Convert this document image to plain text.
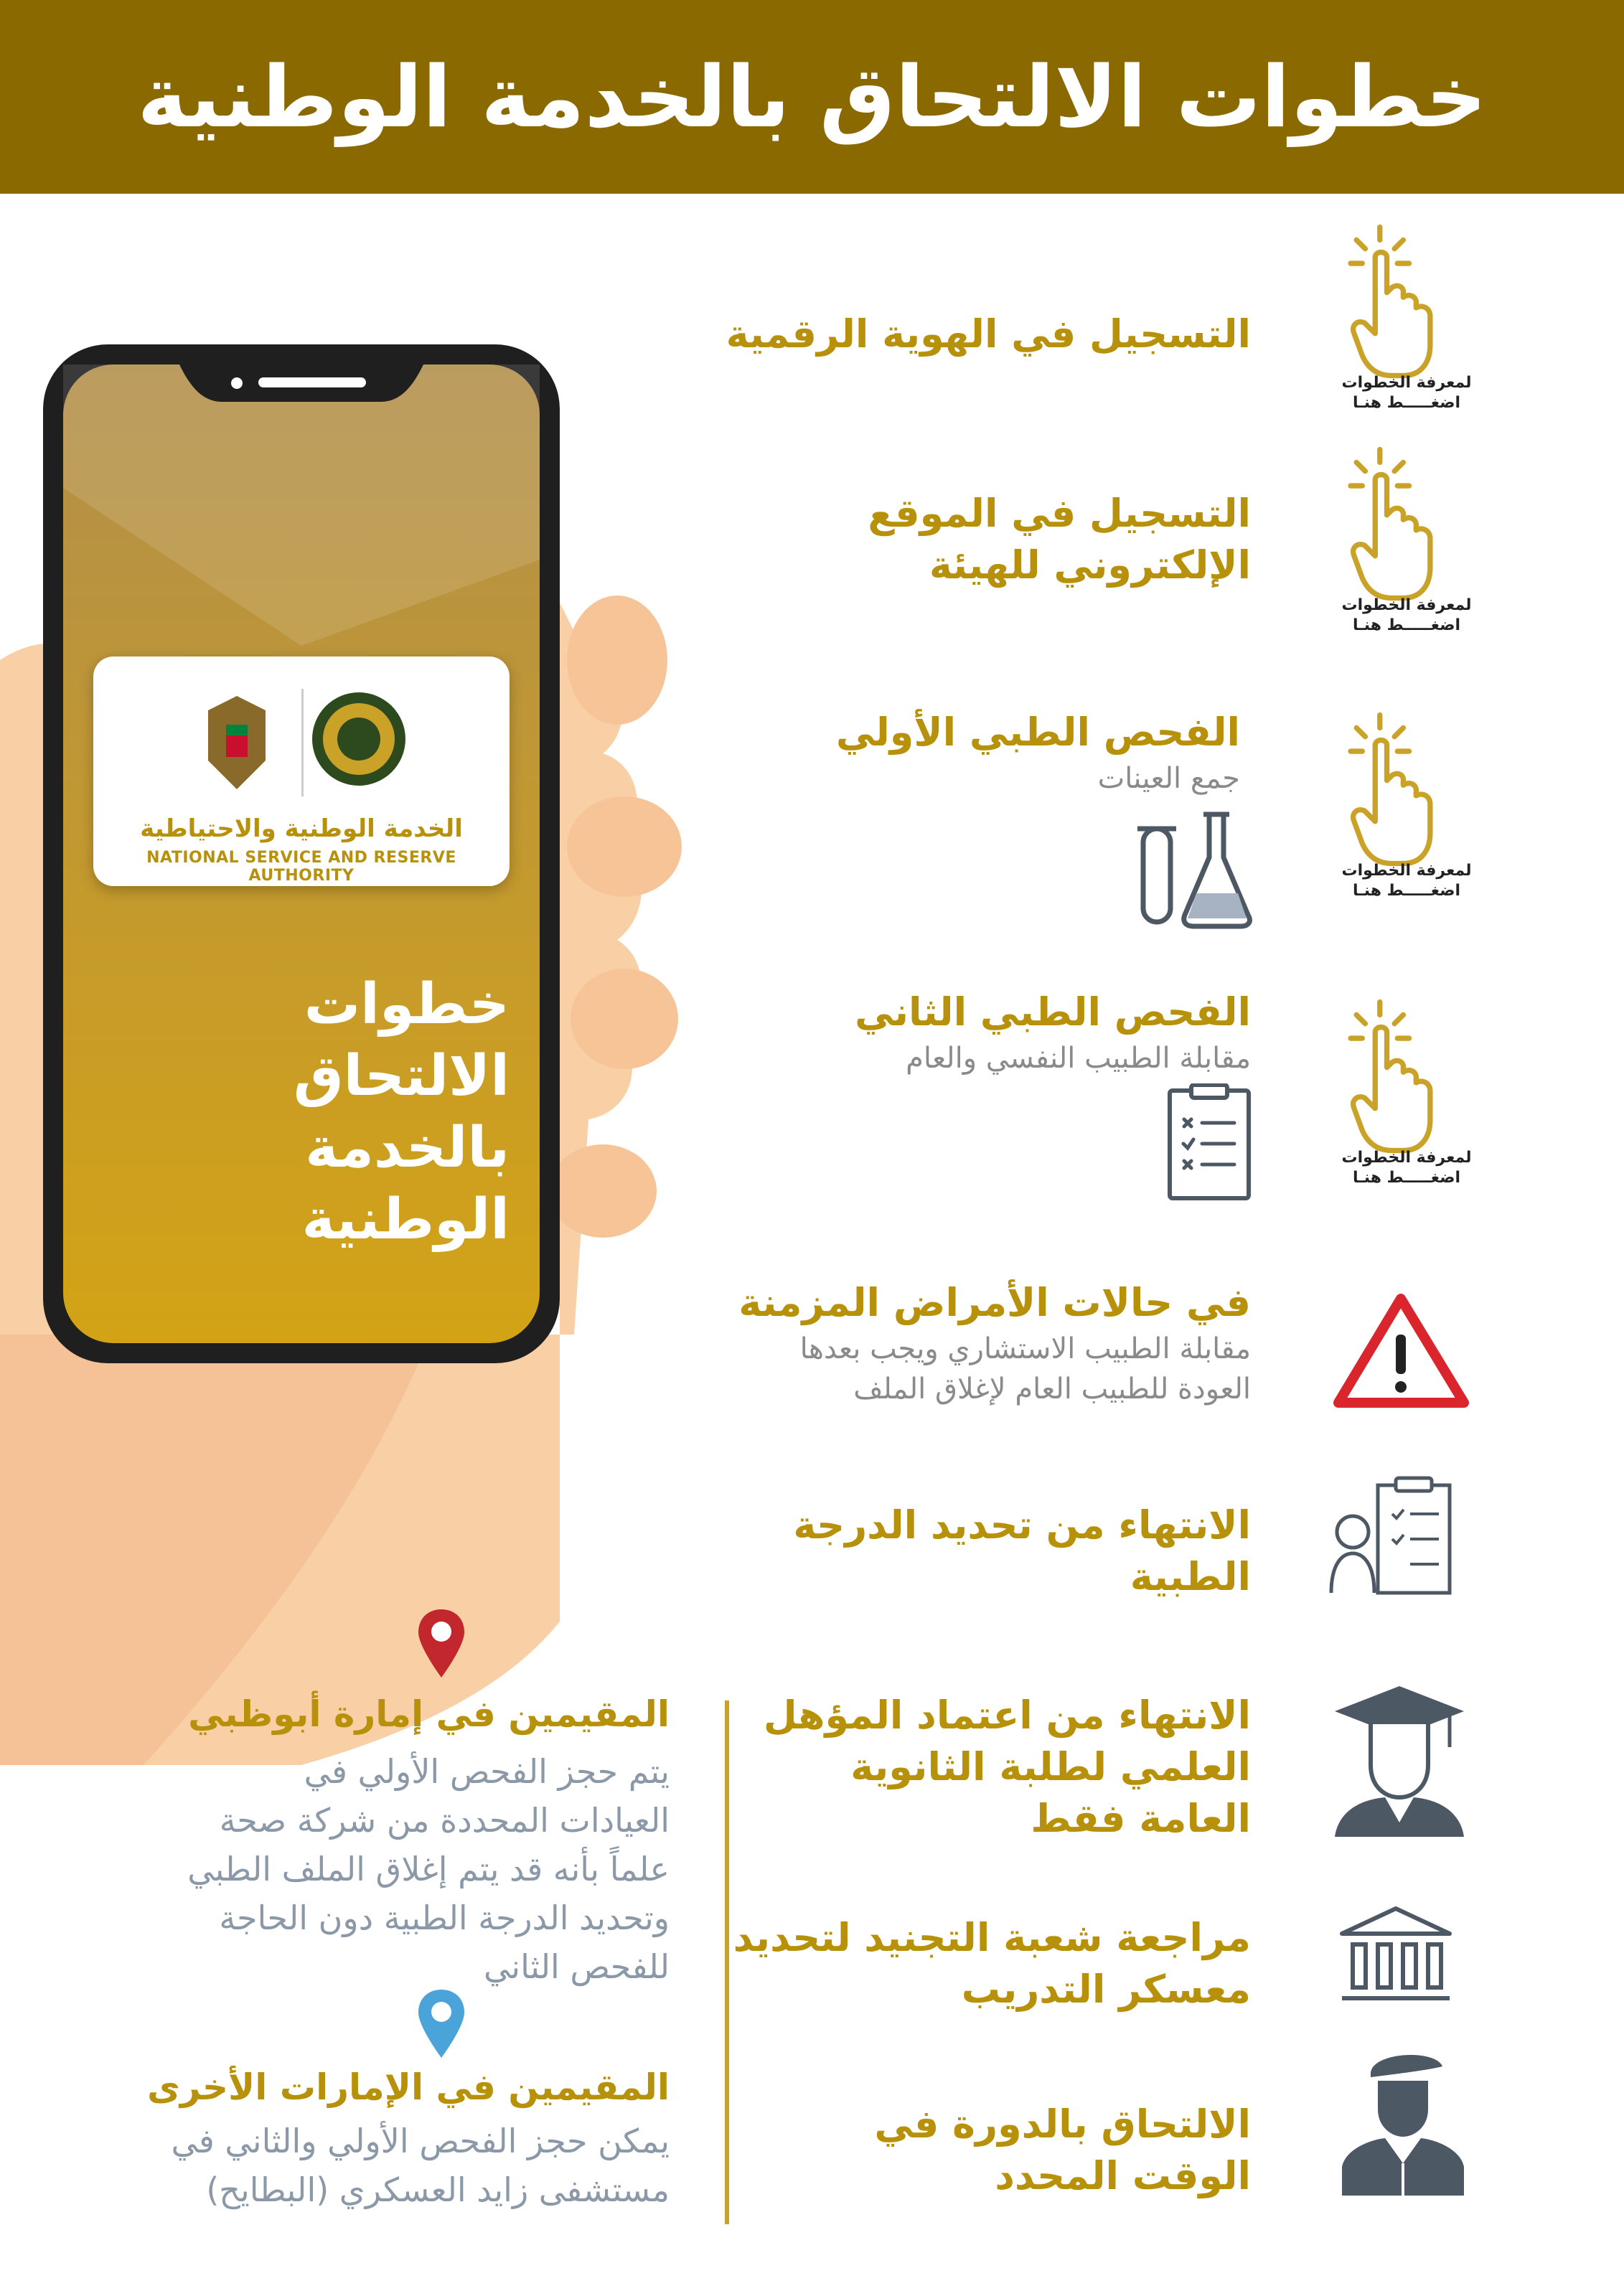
خطوات الالتحاق بالخدمة الوطنية
الخدمة الوطنية والاحتياطية
NATIONAL SERVICE AND RESERVE AUTHORITY
خطوات الالتحاق
بالخدمة الوطنية
التسجيل في الهوية الرقمية
لمعرفة الخطوات
اضغـــــط هنـا
التسجيل في الموقع
الإلكتروني للهيئة
لمعرفة الخطوات
اضغـــــط هنـا
الفحص الطبي الأولي
جمع العينات
لمعرفة الخطوات
اضغـــــط هنـا
الفحص الطبي الثاني
مقابلة الطبيب النفسي والعام
لمعرفة الخطوات
اضغـــــط هنـا
في حالات الأمراض المزمنة
مقابلة الطبيب الاستشاري ويجب بعدها
العودة للطبيب العام لإغلاق الملف
الانتهاء من تحديد الدرجة
الطبية
الانتهاء من اعتماد المؤهل
العلمي لطلبة الثانوية
العامة فقط
مراجعة شعبة التجنيد لتحديد
معسكر التدريب
الالتحاق بالدورة في
الوقت المحدد
المقيمين في إمارة أبوظبي
يتم حجز الفحص الأولي في
العيادات المحددة من شركة صحة
علماً بأنه قد يتم إغلاق الملف الطبي
وتحديد الدرجة الطبية دون الحاجة
للفحص الثاني
المقيمين في الإمارات الأخرى
يمكن حجز الفحص الأولي والثاني في
مستشفى زايد العسكري (البطايح)
